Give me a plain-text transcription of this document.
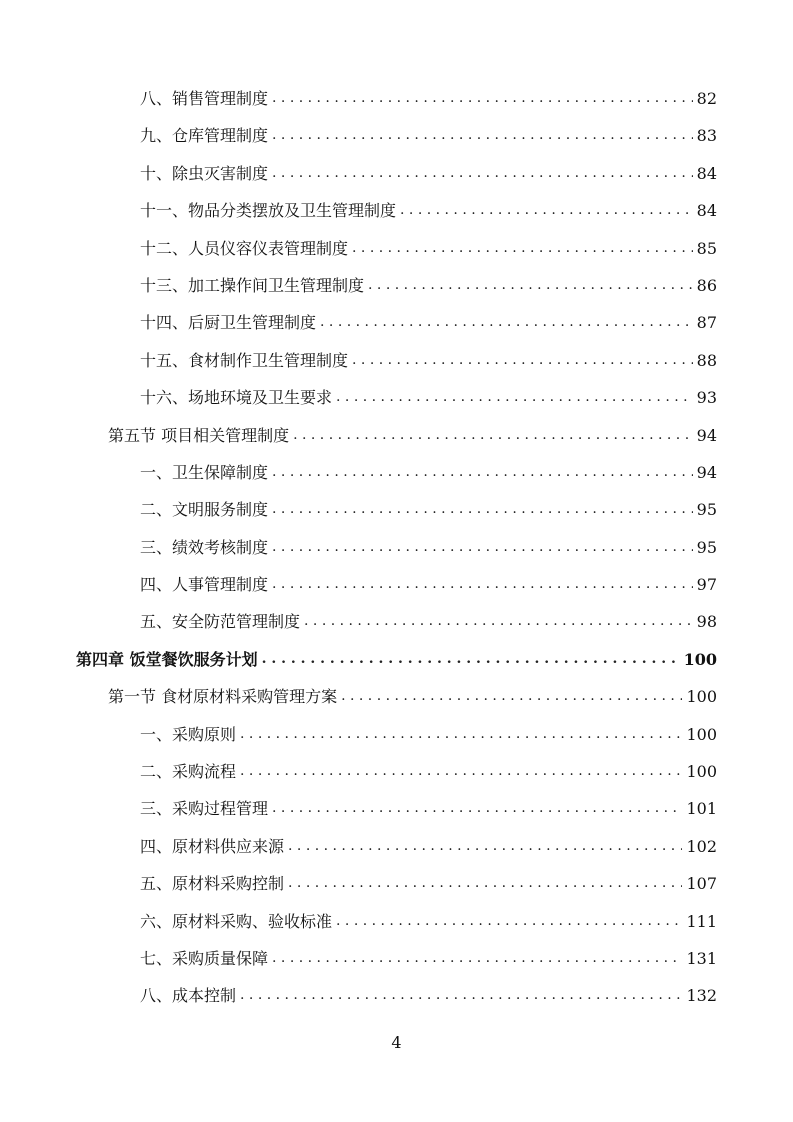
八、销售管理制度 . . .	82
九、仓库管理制度 . . .	83
十、除虫灭害制度 . . .	84
十一、物品分类摆放及卫生管理制度 . . .	84
十二、人员仪容仪表管理制度 . . .	85
十三、加工操作间卫生管理制度 . . .	86
十四、后厨卫生管理制度 . . .	87
十五、食材制作卫生管理制度 . . .	88
十六、场地环境及卫生要求 . . .	93
第五节 项目相关管理制度 . . .	94
一、卫生保障制度 . . .	94
二、文明服务制度 . . .	95
三、绩效考核制度 . . .	95
四、人事管理制度 . . .	97
五、安全防范管理制度 . . .	98
第四章 饭堂餐饮服务计划 . . .	100
第一节 食材原材料采购管理方案 . . .	100
一、采购原则 . . .	100
二、采购流程 . . .	100
三、采购过程管理 . . .	101
四、原材料供应来源 . . .	102
五、原材料采购控制 . . .	107
六、原材料采购、验收标准 . . .	111
七、采购质量保障 . . .	131
八、成本控制 . . .	132
4
